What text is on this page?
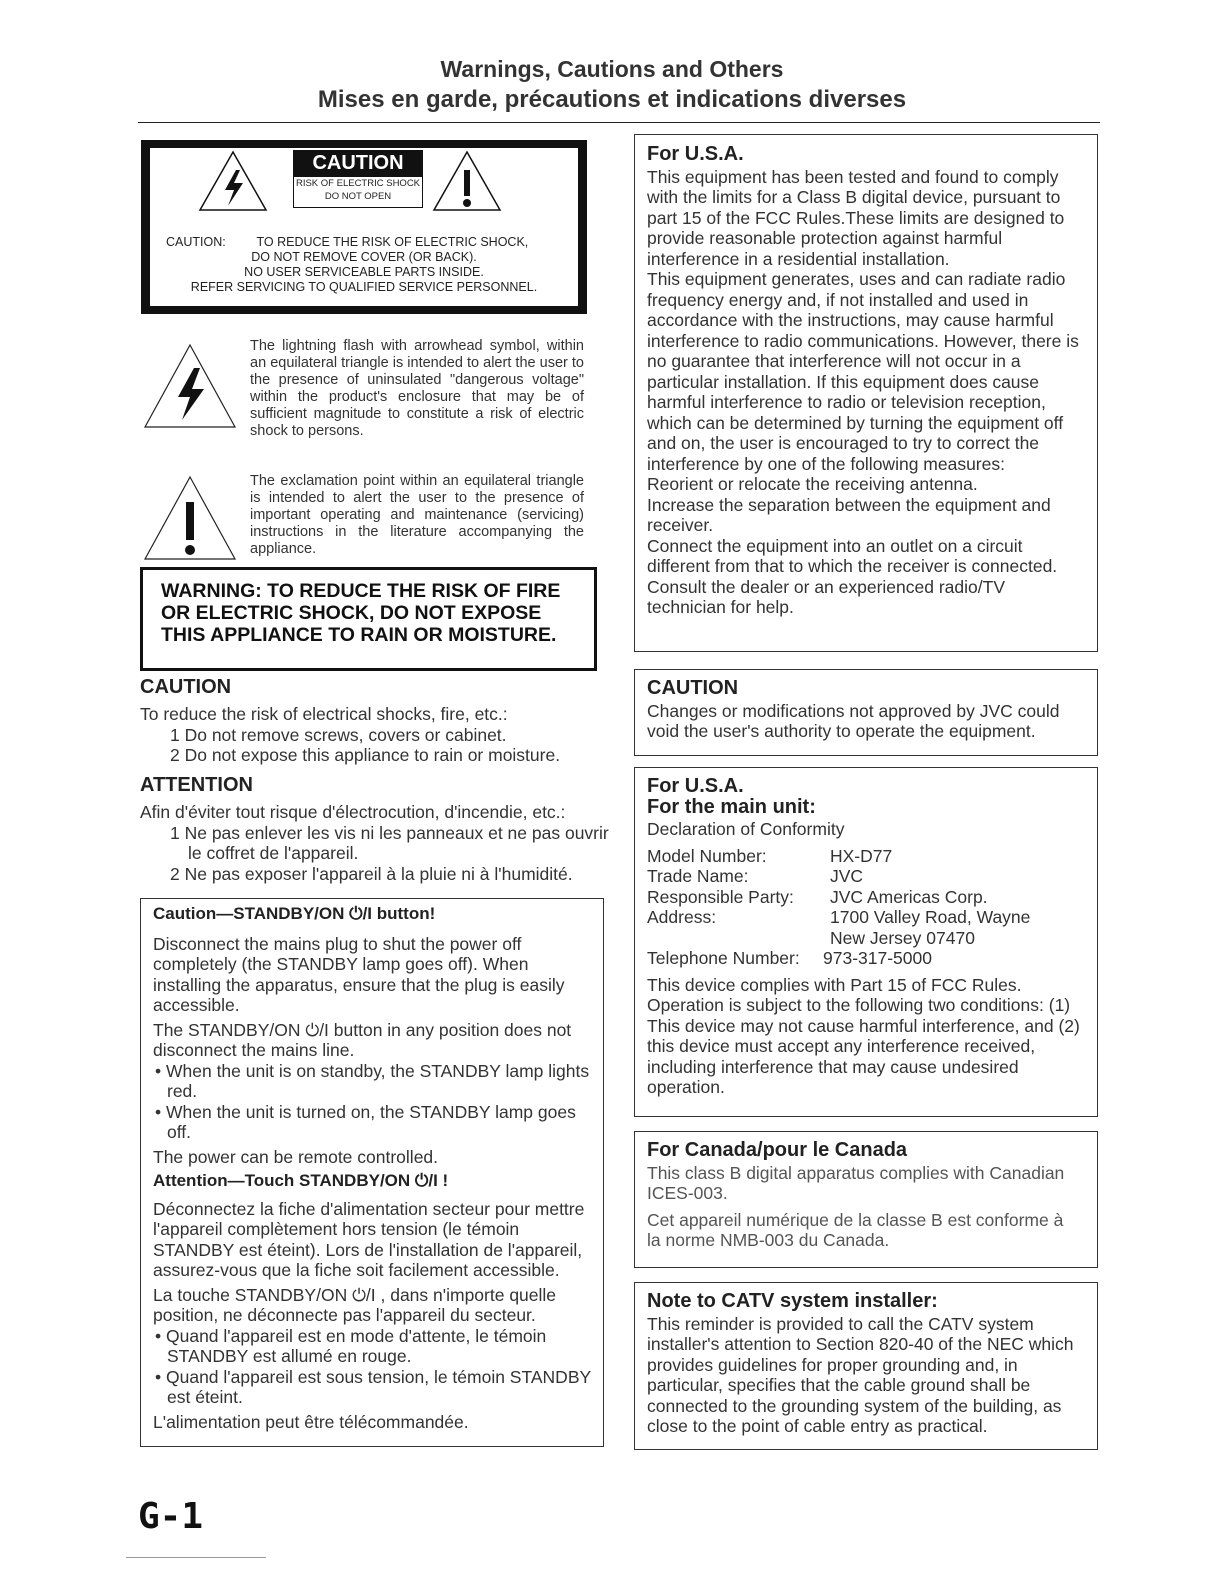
Warnings, Cautions and Others
Mises en garde, précautions et indications diverses
CAUTION
RISK OF ELECTRIC SHOCK
DO NOT OPEN
CAUTION: TO REDUCE THE RISK OF ELECTRIC SHOCK,
DO NOT REMOVE COVER (OR BACK).
NO USER SERVICEABLE PARTS INSIDE.
REFER SERVICING TO QUALIFIED SERVICE PERSONNEL.
The lightning flash with arrowhead symbol, within an equilateral triangle is intended to alert the user to the presence of uninsulated "dangerous voltage" within the product's enclosure that may be of sufficient magnitude to constitute a risk of electric shock to persons.
The exclamation point within an equilateral triangle is intended to alert the user to the presence of important operating and maintenance (servicing) instructions in the literature accompanying the appliance.
WARNING: TO REDUCE THE RISK OF FIRE
OR ELECTRIC SHOCK, DO NOT EXPOSE
THIS APPLIANCE TO RAIN OR MOISTURE.
CAUTION
To reduce the risk of electrical shocks, fire, etc.:
1 Do not remove screws, covers or cabinet.
2 Do not expose this appliance to rain or moisture.
ATTENTION
Afin d'éviter tout risque d'électrocution, d'incendie, etc.:
1 Ne pas enlever les vis ni les panneaux et ne pas ouvrir le coffret de l'appareil.
2 Ne pas exposer l'appareil à la pluie ni à l'humidité.
Caution—STANDBY/ON ⏻/I button!
Disconnect the mains plug to shut the power off completely (the STANDBY lamp goes off). When installing the apparatus, ensure that the plug is easily accessible.
The STANDBY/ON ⏻/I button in any position does not disconnect the mains line.
• When the unit is on standby, the STANDBY lamp lights red.
• When the unit is turned on, the STANDBY lamp goes off.
The power can be remote controlled.
Attention—Touch STANDBY/ON ⏻/I !
Déconnectez la fiche d'alimentation secteur pour mettre l'appareil complètement hors tension (le témoin STANDBY est éteint). Lors de l'installation de l'appareil, assurez-vous que la fiche soit facilement accessible.
La touche STANDBY/ON ⏻/I , dans n'importe quelle position, ne déconnecte pas l'appareil du secteur.
• Quand l'appareil est en mode d'attente, le témoin STANDBY est allumé en rouge.
• Quand l'appareil est sous tension, le témoin STANDBY est éteint.
L'alimentation peut être télécommandée.
For U.S.A.
This equipment has been tested and found to comply with the limits for a Class B digital device, pursuant to part 15 of the FCC Rules.These limits are designed to provide reasonable protection against harmful interference in a residential installation.
This equipment generates, uses and can radiate radio frequency energy and, if not installed and used in accordance with the instructions, may cause harmful interference to radio communications. However, there is no guarantee that interference will not occur in a particular installation. If this equipment does cause harmful interference to radio or television reception, which can be determined by turning the equipment off and on, the user is encouraged to try to correct the interference by one of the following measures:
Reorient or relocate the receiving antenna.
Increase the separation between the equipment and receiver.
Connect the equipment into an outlet on a circuit different from that to which the receiver is connected.
Consult the dealer or an experienced radio/TV technician for help.
CAUTION
Changes or modifications not approved by JVC could void the user's authority to operate the equipment.
For U.S.A.
For the main unit:
Declaration of Conformity
Model Number:	HX-D77
Trade Name:	JVC
Responsible Party: JVC Americas Corp.
Address:	1700 Valley Road, Wayne
New Jersey 07470
Telephone Number: 973-317-5000
This device complies with Part 15 of FCC Rules. Operation is subject to the following two conditions: (1) This device may not cause harmful interference, and (2) this device must accept any interference received, including interference that may cause undesired operation.
For Canada/pour le Canada
This class B digital apparatus complies with Canadian ICES-003.
Cet appareil numérique de la classe B est conforme à la norme NMB-003 du Canada.
Note to CATV system installer:
This reminder is provided to call the CATV system installer's attention to Section 820-40 of the NEC which provides guidelines for proper grounding and, in particular, specifies that the cable ground shall be connected to the grounding system of the building, as close to the point of cable entry as practical.
G-1
